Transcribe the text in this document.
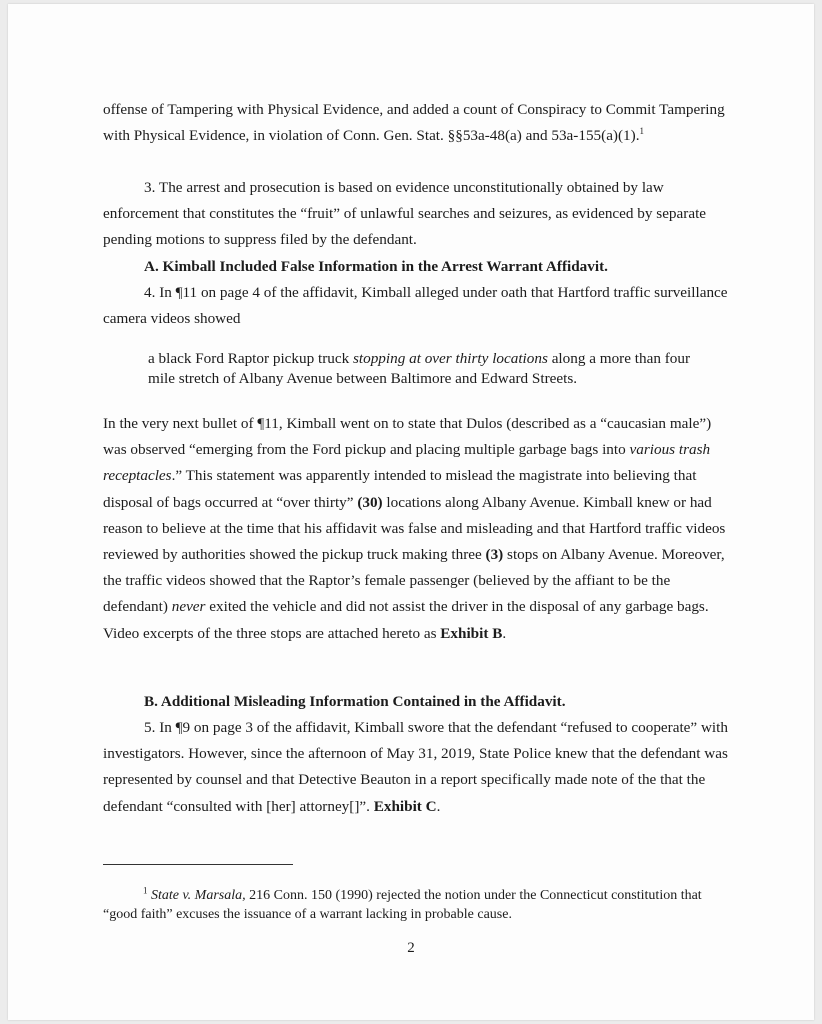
offense of Tampering with Physical Evidence, and added a count of Conspiracy to Commit Tampering with Physical Evidence, in violation of Conn. Gen. Stat. §§53a-48(a) and 53a-155(a)(1).$^1$

3. The arrest and prosecution is based on evidence unconstitutionally obtained by law enforcement that constitutes the “fruit” of unlawful searches and seizures, as evidenced by separate pending motions to suppress filed by the defendant.

A. Kimball Included False Information in the Arrest Warrant Affidavit.

4. In ¶11 on page 4 of the affidavit, Kimball alleged under oath that Hartford traffic surveillance camera videos showed

a black Ford Raptor pickup truck stopping at over thirty locations along a more than four mile stretch of Albany Avenue between Baltimore and Edward Streets.

In the very next bullet of ¶11, Kimball went on to state that Dulos (described as a “caucasian male”) was observed “emerging from the Ford pickup and placing multiple garbage bags into various trash receptacles.” This statement was apparently intended to mislead the magistrate into believing that disposal of bags occurred at “over thirty” (30) locations along Albany Avenue. Kimball knew or had reason to believe at the time that his affidavit was false and misleading and that Hartford traffic videos reviewed by authorities showed the pickup truck making three (3) stops on Albany Avenue. Moreover, the traffic videos showed that the Raptor’s female passenger (believed by the affiant to be the defendant) never exited the vehicle and did not assist the driver in the disposal of any garbage bags. Video excerpts of the three stops are attached hereto as Exhibit B.

B. Additional Misleading Information Contained in the Affidavit.

5. In ¶9 on page 3 of the affidavit, Kimball swore that the defendant “refused to cooperate” with investigators. However, since the afternoon of May 31, 2019, State Police knew that the defendant was represented by counsel and that Detective Beauton in a report specifically made note of the that the defendant “consulted with [her] attorney[]”. Exhibit C.

$^1$ State v. Marsala, 216 Conn. 150 (1990) rejected the notion under the Connecticut constitution that “good faith” excuses the issuance of a warrant lacking in probable cause.

2
